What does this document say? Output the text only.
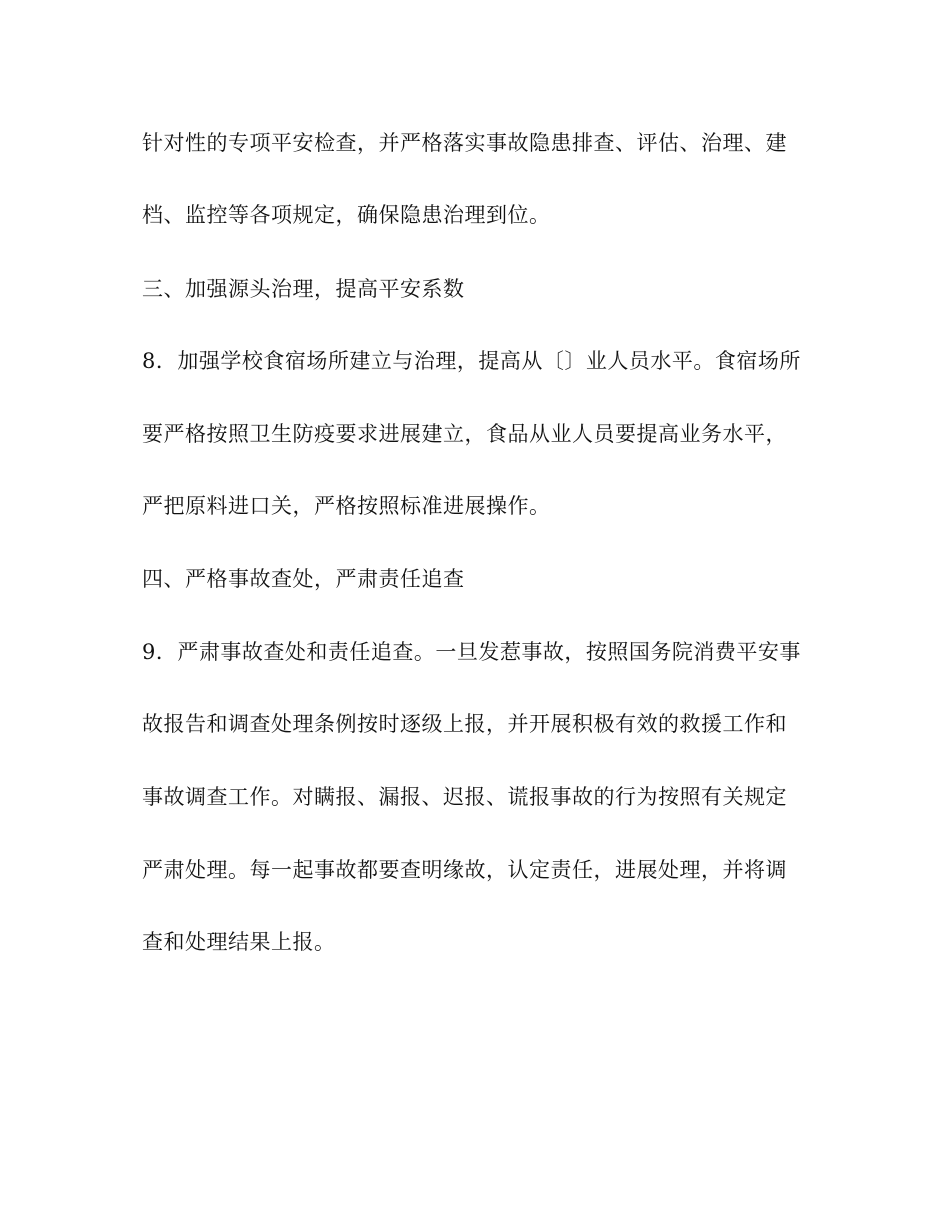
针对性的专项平安检查，并严格落实事故隐患排查、评估、治理、建
档、监控等各项规定，确保隐患治理到位。
三、加强源头治理，提高平安系数
8．加强学校食宿场所建立与治理，提高从〔〕业人员水平。食宿场所
要严格按照卫生防疫要求进展建立，食品从业人员要提高业务水平，
严把原料进口关，严格按照标准进展操作。
四、严格事故查处，严肃责任追查
9．严肃事故查处和责任追查。一旦发惹事故，按照国务院消费平安事
故报告和调查处理条例按时逐级上报，并开展积极有效的救援工作和
事故调查工作。对瞒报、漏报、迟报、谎报事故的行为按照有关规定
严肃处理。每一起事故都要查明缘故，认定责任，进展处理，并将调
查和处理结果上报。
